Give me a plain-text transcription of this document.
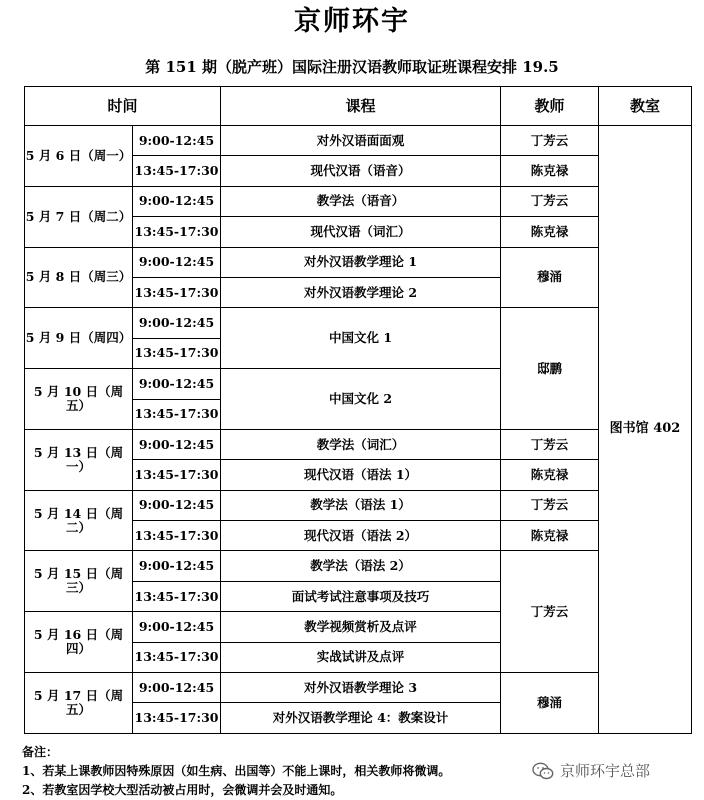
京师环宇
第 151 期（脱产班）国际注册汉语教师取证班课程安排 19.5
时间		课程	教师	教室
5 月 6 日（周一）	9:00-12:45	对外汉语面面观	丁芳云	图书馆 402
	13:45-17:30	现代汉语（语音）	陈克禄	
5 月 7 日（周二）	9:00-12:45	教学法（语音）	丁芳云	
	13:45-17:30	现代汉语（词汇）	陈克禄	
5 月 8 日（周三）	9:00-12:45	对外汉语教学理论 1	穆涌	
	13:45-17:30	对外汉语教学理论 2		
5 月 9 日（周四）	9:00-12:45	中国文化 1	邸鹏	
	13:45-17:30			
5 月 10 日（周五）	9:00-12:45	中国文化 2		
	13:45-17:30			
5 月 13 日（周一）	9:00-12:45	教学法（词汇）	丁芳云	
	13:45-17:30	现代汉语（语法 1）	陈克禄	
5 月 14 日（周二）	9:00-12:45	教学法（语法 1）	丁芳云	
	13:45-17:30	现代汉语（语法 2）	陈克禄	
5 月 15 日（周三）	9:00-12:45	教学法（语法 2）	丁芳云	
	13:45-17:30	面试考试注意事项及技巧		
5 月 16 日（周四）	9:00-12:45	教学视频赏析及点评		
	13:45-17:30	实战试讲及点评		
5 月 17 日（周五）	9:00-12:45	对外汉语教学理论 3	穆涌	
	13:45-17:30	对外汉语教学理论 4：教案设计		
备注：
1、若某上课教师因特殊原因（如生病、出国等）不能上课时，相关教师将微调。
2、若教室因学校大型活动被占用时，会微调并会及时通知。
京师环宇总部
